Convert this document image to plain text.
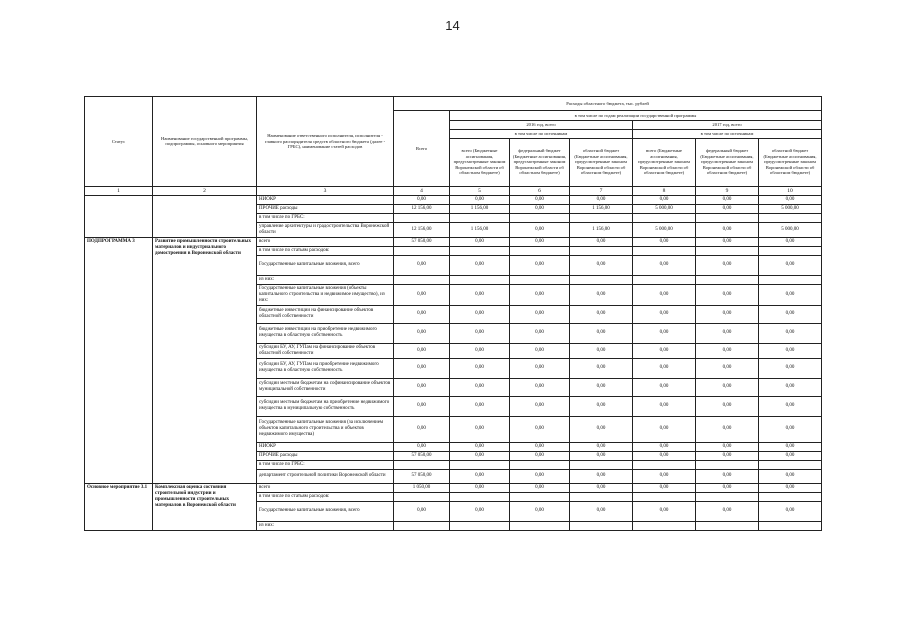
14
Статус	Наименование государственной программы, подпрограммы, основного мероприятия	Наименование ответственного исполнителя, исполнителя - главного распорядителя средств областного бюджета (далее - ГРБС), наименование статей расходов	Расходы областного бюджета, тыс. рублей						
			Всего	в том числе по годам реализации государственной программы					
				2016 год, всего			2017 год, всего		
				в том числе по источникам			в том числе по источникам		
				всего (Бюджетные ассигнования, предусмотренные законом Воронежской области об областном бюджете)	федеральный бюджет (Бюджетные ассигнования, предусмотренные законом Воронежской области об областном бюджете)	областной бюджет (Бюджетные ассигнования, предусмотренные законом Воронежской области об областном бюджете)	всего (Бюджетные ассигнования, предусмотренные законом Воронежской области об областном бюджете)	федеральный бюджет (Бюджетные ассигнования, предусмотренные законом Воронежской области об областном бюджете)	областной бюджет (Бюджетные ассигнования, предусмотренные законом Воронежской области об областном бюджете)
1	2	3	4	5	6	7	8	9	10
		НИОКР	0,00	0,00	0,00	0,00	0,00	0,00	0,00
		ПРОЧИЕ расходы	12 156,00	1 156,00	0,00	1 156,00	5 000,00	0,00	5 000,00
		в том числе по ГРБС:							
		управление архитектуры и градостроительства Воронежской области	12 156,00	1 156,00	0,00	1 156,00	5 000,00	0,00	5 000,00
ПОДПРОГРАММА 3	Развитие промышленности строительных материалов и индустриального домостроения в Воронежской области	всего	57 050,00	0,00	0,00	0,00	0,00	0,00	0,00
		в том числе по статьям расходов:							
		Государственные капитальные вложения, всего	0,00	0,00	0,00	0,00	0,00	0,00	0,00
		из них:							
		Государственные капитальные вложения (объекты капитального строительства и недвижимое имущество), из них:	0,00	0,00	0,00	0,00	0,00	0,00	0,00
		бюджетные инвестиции на финансирование объектов областной собственности	0,00	0,00	0,00	0,00	0,00	0,00	0,00
		бюджетные инвестиции на приобретение недвижимого имущества в областную собственность	0,00	0,00	0,00	0,00	0,00	0,00	0,00
		субсидии БУ, АУ, ГУПам на финансирование объектов областной собственности	0,00	0,00	0,00	0,00	0,00	0,00	0,00
		субсидии БУ, АУ, ГУПам на приобретение недвижимого имущества в областную собственность	0,00	0,00	0,00	0,00	0,00	0,00	0,00
		субсидии местным бюджетам на софинансирование объектов муниципальной собственности	0,00	0,00	0,00	0,00	0,00	0,00	0,00
		субсидии местным бюджетам на приобретение недвижимого имущества в муниципальную собственность	0,00	0,00	0,00	0,00	0,00	0,00	0,00
		Государственные капитальные вложения (за исключением объектов капитального строительства и объектов недвижимого имущества)	0,00	0,00	0,00	0,00	0,00	0,00	0,00
		НИОКР	0,00	0,00	0,00	0,00	0,00	0,00	0,00
		ПРОЧИЕ расходы	57 050,00	0,00	0,00	0,00	0,00	0,00	0,00
		в том числе по ГРБС:							
		департамент строительной политики Воронежской области	57 050,00	0,00	0,00	0,00	0,00	0,00	0,00
Основное мероприятие 3.1	Комплексная оценка состояния строительной индустрии и промышленности строительных материалов в Воронежской области	всего	1 050,00	0,00	0,00	0,00	0,00	0,00	0,00
		в том числе по статьям расходов:							
		Государственные капитальные вложения, всего	0,00	0,00	0,00	0,00	0,00	0,00	0,00
		из них:							
